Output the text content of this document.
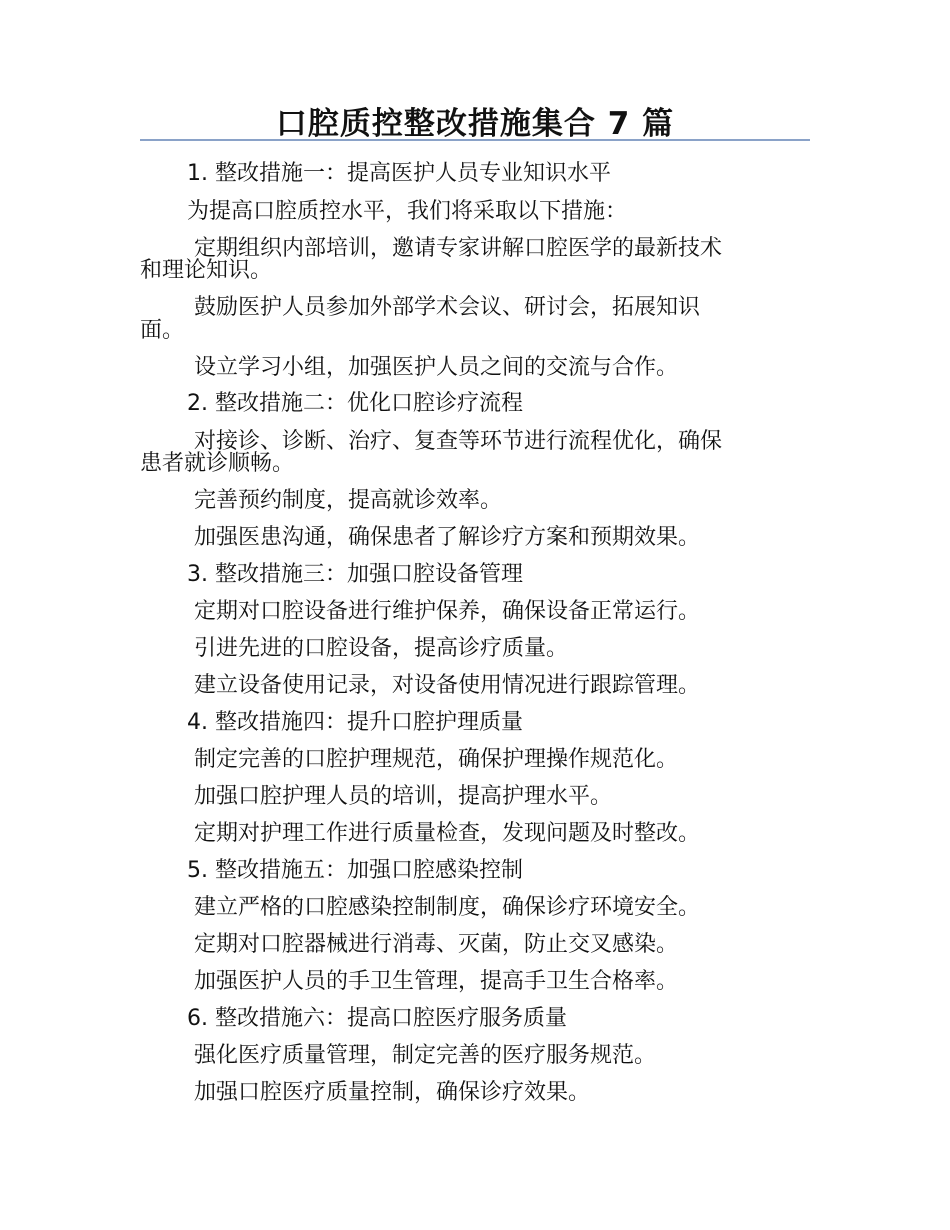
口腔质控整改措施集合 7 篇
1. 整改措施一：提高医护人员专业知识水平
为提高口腔质控水平，我们将采取以下措施：
定期组织内部培训，邀请专家讲解口腔医学的最新技术
和理论知识。
鼓励医护人员参加外部学术会议、研讨会，拓展知识
面。
设立学习小组，加强医护人员之间的交流与合作。
2. 整改措施二：优化口腔诊疗流程
对接诊、诊断、治疗、复查等环节进行流程优化，确保
患者就诊顺畅。
完善预约制度，提高就诊效率。
加强医患沟通，确保患者了解诊疗方案和预期效果。
3. 整改措施三：加强口腔设备管理
定期对口腔设备进行维护保养，确保设备正常运行。
引进先进的口腔设备，提高诊疗质量。
建立设备使用记录，对设备使用情况进行跟踪管理。
4. 整改措施四：提升口腔护理质量
制定完善的口腔护理规范，确保护理操作规范化。
加强口腔护理人员的培训，提高护理水平。
定期对护理工作进行质量检查，发现问题及时整改。
5. 整改措施五：加强口腔感染控制
建立严格的口腔感染控制制度，确保诊疗环境安全。
定期对口腔器械进行消毒、灭菌，防止交叉感染。
加强医护人员的手卫生管理，提高手卫生合格率。
6. 整改措施六：提高口腔医疗服务质量
强化医疗质量管理，制定完善的医疗服务规范。
加强口腔医疗质量控制，确保诊疗效果。
